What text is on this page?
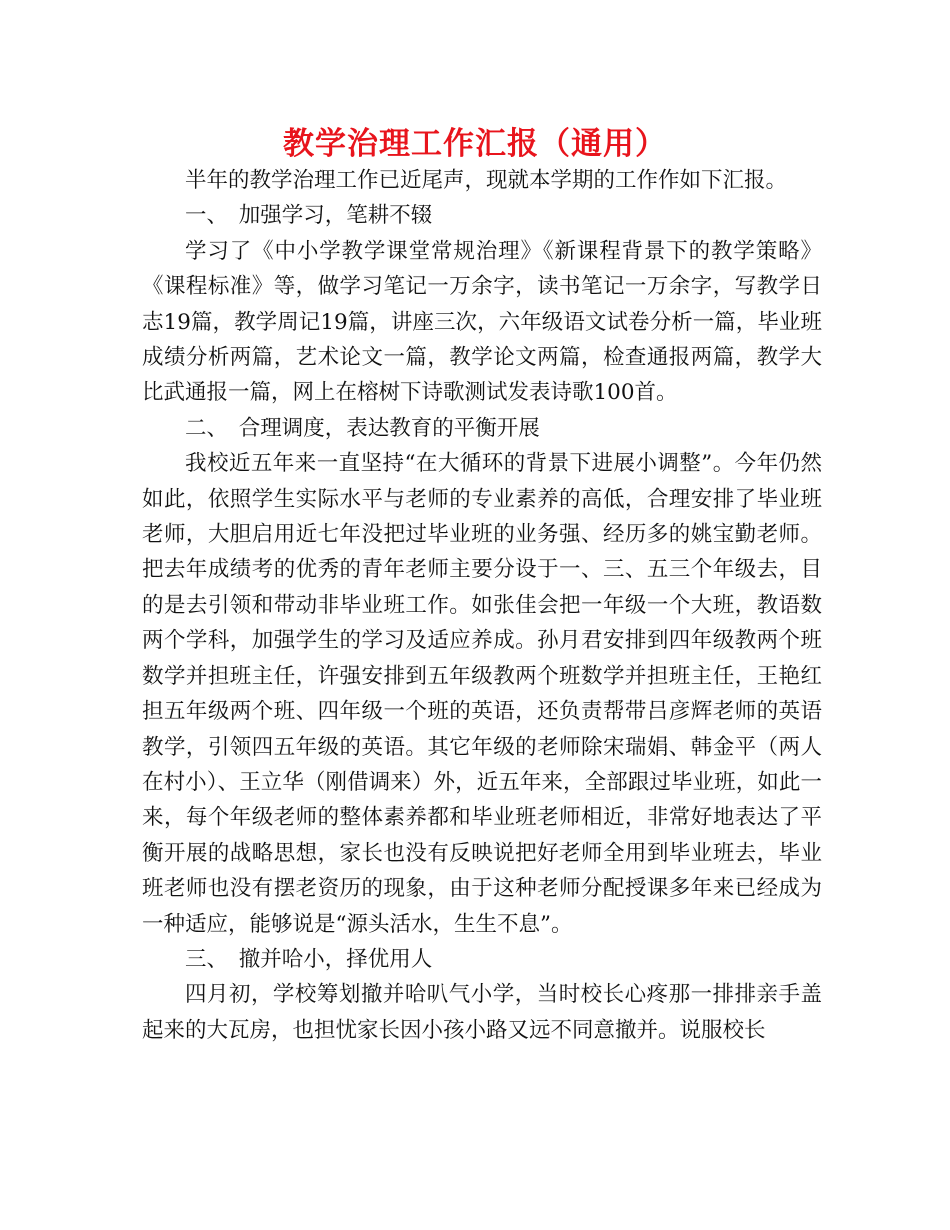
教学治理工作汇报（通用）

半年的教学治理工作已近尾声，现就本学期的工作作如下汇报。

一、　加强学习，笔耕不辍

学习了《中小学教学课堂常规治理》《新课程背景下的教学策略》《课程标准》等，做学习笔记一万余字，读书笔记一万余字，写教学日志19篇，教学周记19篇，讲座三次，六年级语文试卷分析一篇，毕业班成绩分析两篇，艺术论文一篇，教学论文两篇，检查通报两篇，教学大比武通报一篇，网上在榕树下诗歌测试发表诗歌100首。

二、　合理调度，表达教育的平衡开展

我校近五年来一直坚持“在大循环的背景下进展小调整”。今年仍然如此，依照学生实际水平与老师的专业素养的高低，合理安排了毕业班老师，大胆启用近七年没把过毕业班的业务强、经历多的姚宝勤老师。把去年成绩考的优秀的青年老师主要分设于一、三、五三个年级去，目的是去引领和带动非毕业班工作。如张佳会把一年级一个大班，教语数两个学科，加强学生的学习及适应养成。孙月君安排到四年级教两个班数学并担班主任，许强安排到五年级教两个班数学并担班主任，王艳红担五年级两个班、四年级一个班的英语，还负责帮带吕彦辉老师的英语教学，引领四五年级的英语。其它年级的老师除宋瑞娟、韩金平（两人在村小）、王立华（刚借调来）外，近五年来，全部跟过毕业班，如此一来，每个年级老师的整体素养都和毕业班老师相近，非常好地表达了平衡开展的战略思想，家长也没有反映说把好老师全用到毕业班去，毕业班老师也没有摆老资历的现象，由于这种老师分配授课多年来已经成为一种适应，能够说是“源头活水，生生不息”。

三、　撤并哈小，择优用人

四月初，学校筹划撤并哈叭气小学，当时校长心疼那一排排亲手盖起来的大瓦房，也担忧家长因小孩小路又远不同意撤并。说服校长
